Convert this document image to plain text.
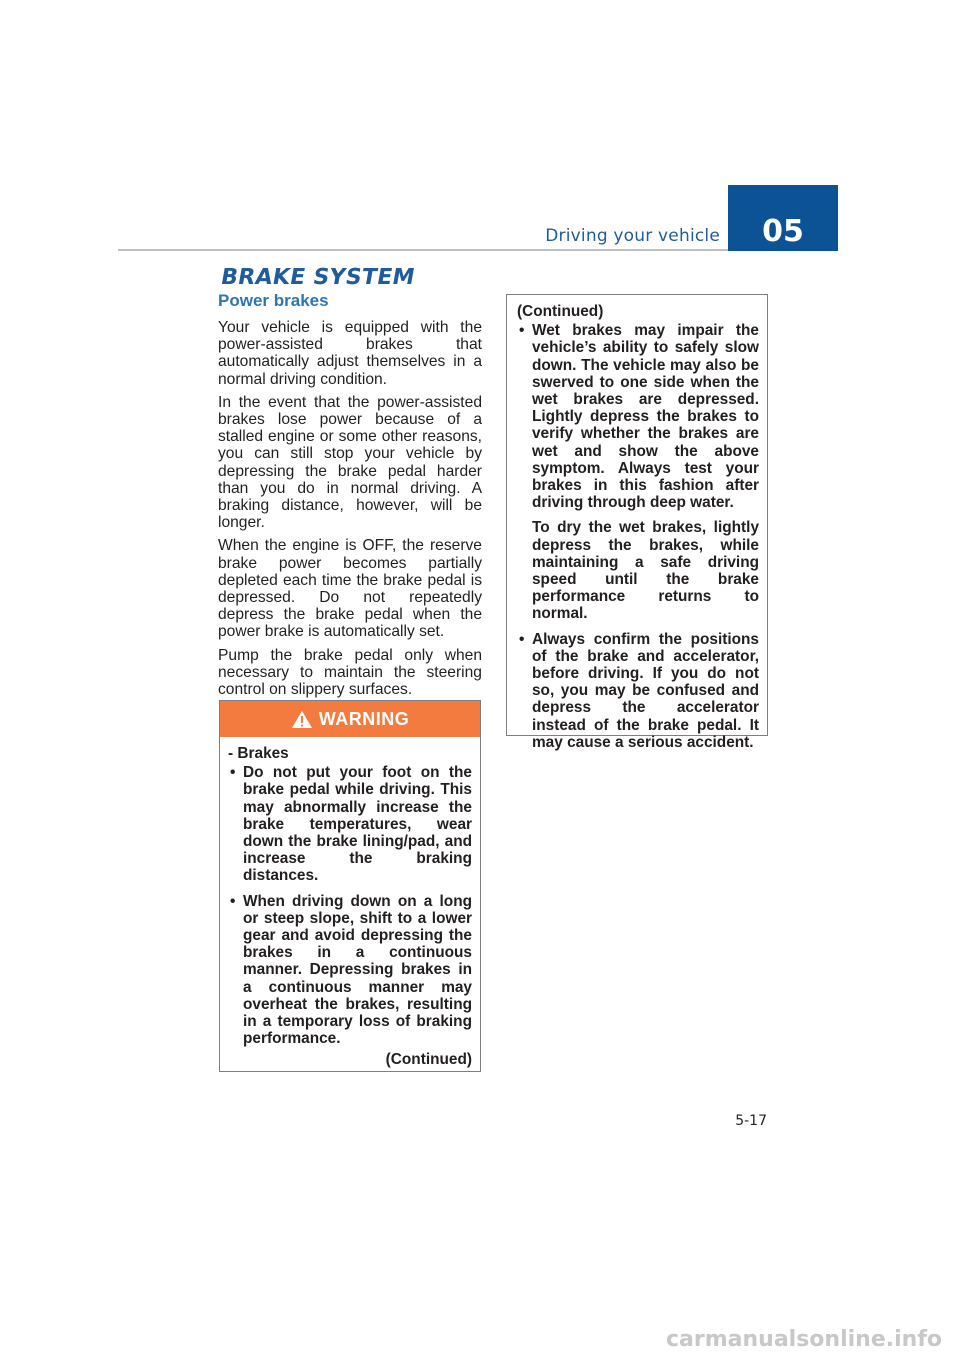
Driving your vehicle	05
BRAKE SYSTEM
Power brakes

Your vehicle is equipped with the power-assisted brakes that automatically adjust themselves in a normal driving condition.

In the event that the power-assisted brakes lose power because of a stalled engine or some other reasons, you can still stop your vehicle by depressing the brake pedal harder than you do in normal driving. A braking distance, however, will be longer.

When the engine is OFF, the reserve brake power becomes partially depleted each time the brake pedal is depressed. Do not repeatedly depress the brake pedal when the power brake is automatically set.

Pump the brake pedal only when necessary to maintain the steering control on slippery surfaces.

WARNING

- Brakes

• Do not put your foot on the brake pedal while driving. This may abnormally increase the brake temperatures, wear down the brake lining/pad, and increase the braking distances.
• When driving down on a long or steep slope, shift to a lower gear and avoid depressing the brakes in a continuous manner. Depressing brakes in a continuous manner may overheat the brakes, resulting in a temporary loss of braking performance.
(Continued)

(Continued)

• Wet brakes may impair the vehicle’s ability to safely slow down. The vehicle may also be swerved to one side when the wet brakes are depressed. Lightly depress the brakes to verify whether the brakes are wet and show the above symptom. Always test your brakes in this fashion after driving through deep water.

To dry the wet brakes, lightly depress the brakes, while maintaining a safe driving speed until the brake performance returns to normal.

• Always confirm the positions of the brake and accelerator, before driving. If you do not so, you may be confused and depress the accelerator instead of the brake pedal. It may cause a serious accident.
5-17
carmanualsonline.info
